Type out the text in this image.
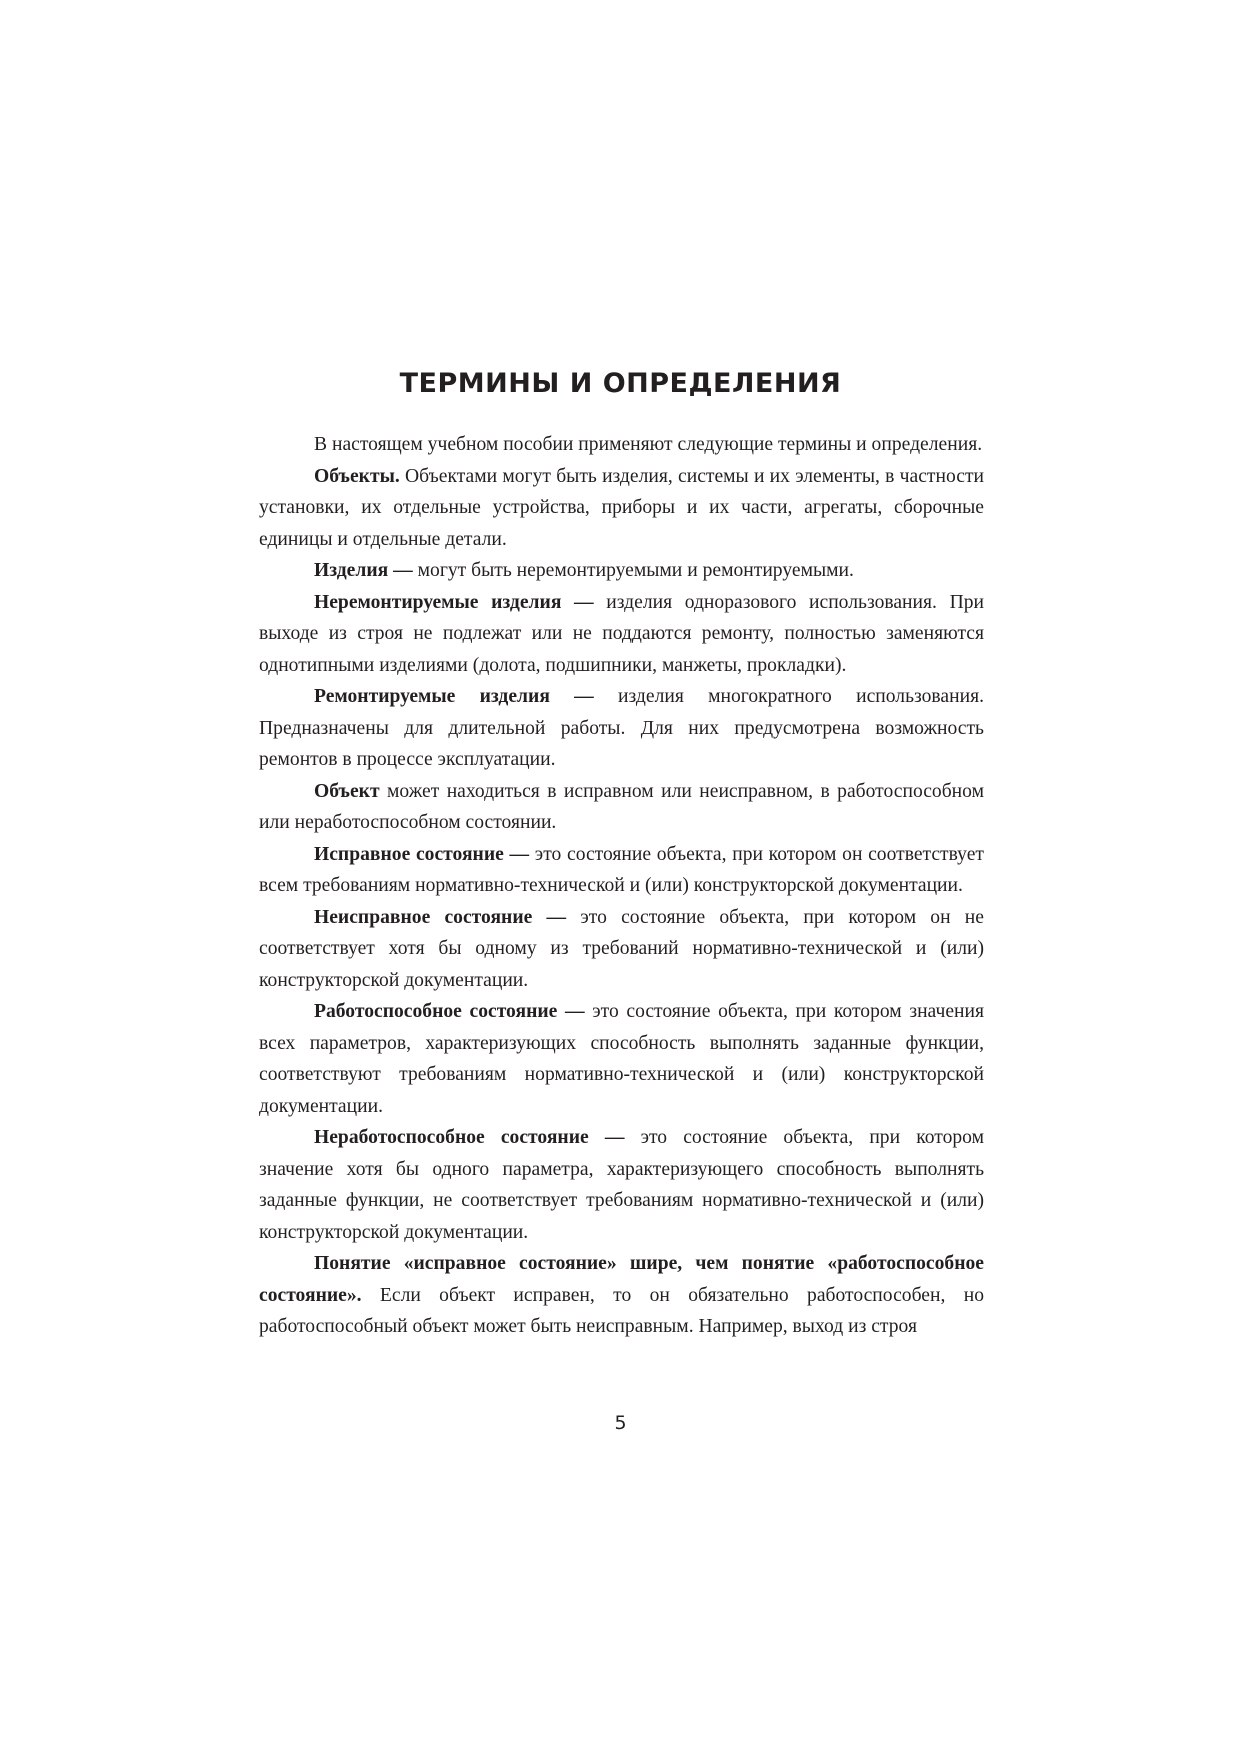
ТЕРМИНЫ И ОПРЕДЕЛЕНИЯ

В настоящем учебном пособии применяют следующие термины и определения.

Объекты. Объектами могут быть изделия, системы и их элементы, в частности установки, их отдельные устройства, приборы и их части, агрегаты, сборочные единицы и отдельные детали.

Изделия — могут быть неремонтируемыми и ремонтируемыми.

Неремонтируемые изделия — изделия одноразового использования. При выходе из строя не подлежат или не поддаются ремонту, полностью заменяются однотипными изделиями (долота, подшипники, манжеты, прокладки).

Ремонтируемые изделия — изделия многократного использования. Предназначены для длительной работы. Для них предусмотрена возможность ремонтов в процессе эксплуатации.

Объект может находиться в исправном или неисправном, в работоспособном или неработоспособном состоянии.

Исправное состояние — это состояние объекта, при котором он соответствует всем требованиям нормативно-технической и (или) конструкторской документации.

Неисправное состояние — это состояние объекта, при котором он не соответствует хотя бы одному из требований нормативно-технической и (или) конструкторской документации.

Работоспособное состояние — это состояние объекта, при котором значения всех параметров, характеризующих способность выполнять заданные функции, соответствуют требованиям нормативно-технической и (или) конструкторской документации.

Неработоспособное состояние — это состояние объекта, при котором значение хотя бы одного параметра, характеризующего способность выполнять заданные функции, не соответствует требованиям нормативно-технической и (или) конструкторской документации.

Понятие «исправное состояние» шире, чем понятие «работоспособное состояние». Если объект исправен, то он обязательно работоспособен, но работоспособный объект может быть неисправным. Например, выход из строя

5
